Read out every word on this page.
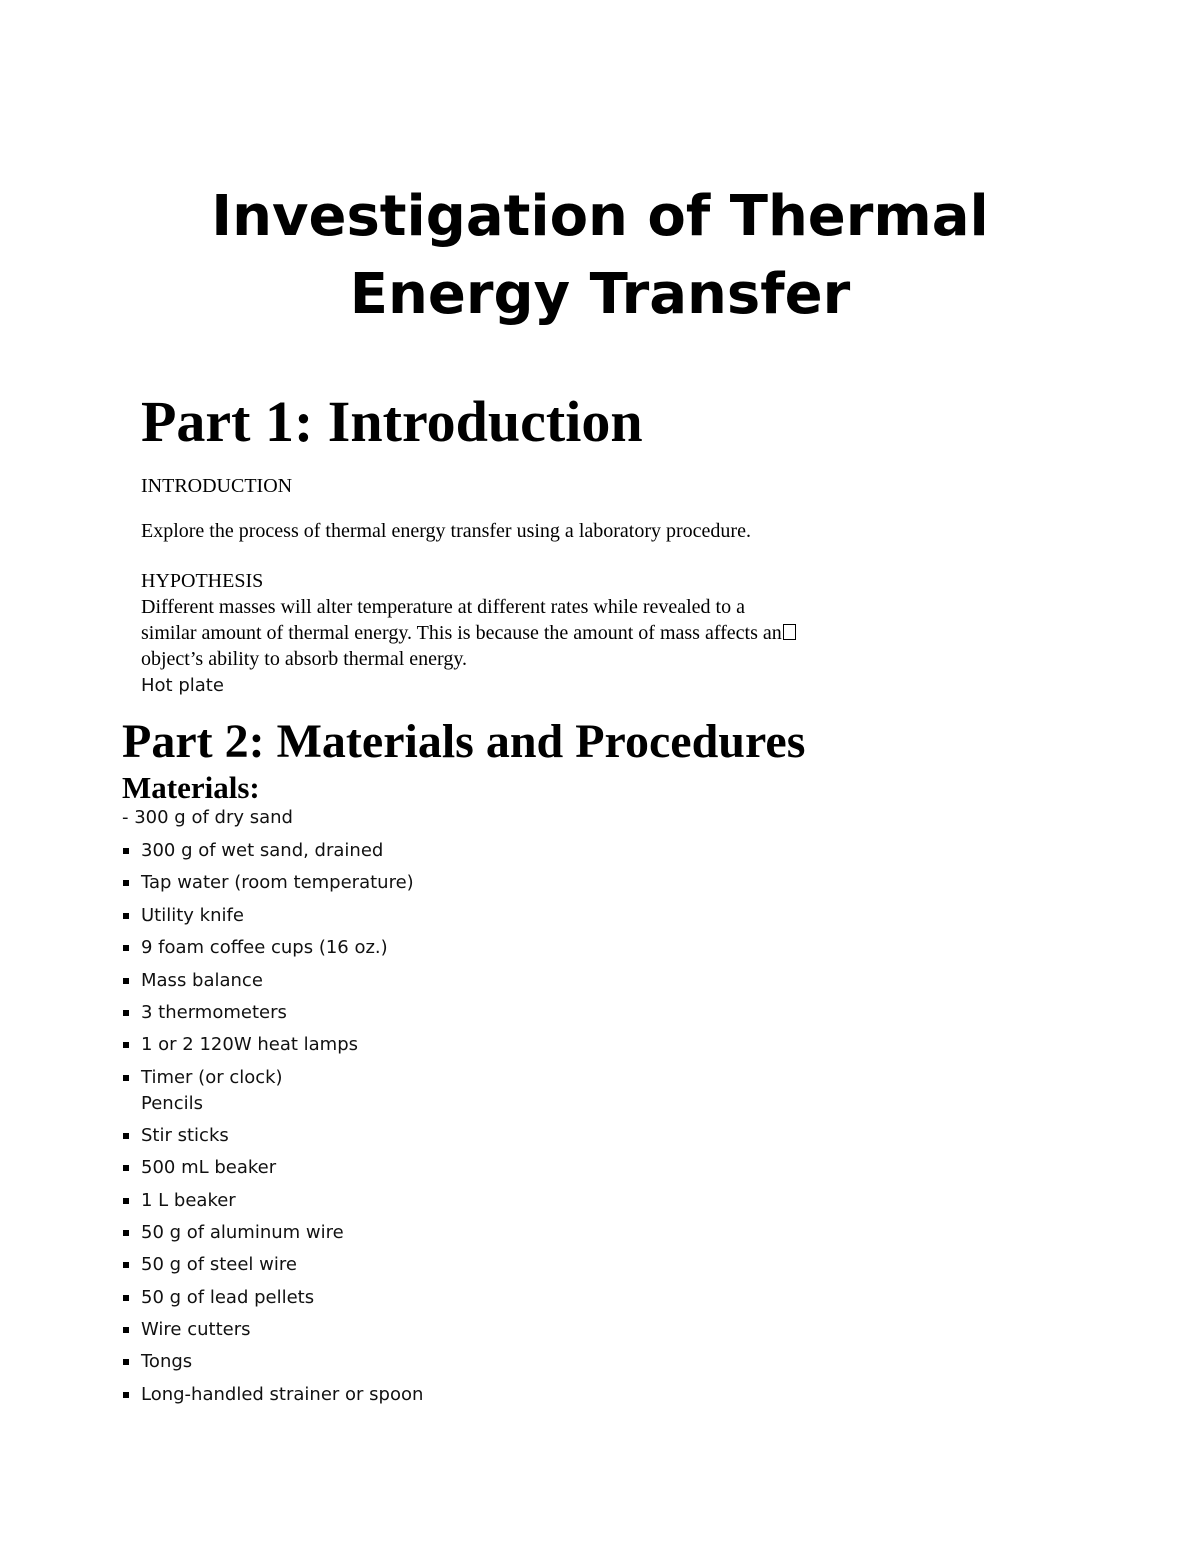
Investigation of Thermal
Energy Transfer
Part 1: Introduction
INTRODUCTION
Explore the process of thermal energy transfer using a laboratory procedure.
HYPOTHESIS
Different masses will alter temperature at different rates while revealed to a
similar amount of thermal energy. This is because the amount of mass affects an
object’s ability to absorb thermal energy.
Hot plate
Part 2: Materials and Procedures
Materials:
- 300 g of dry sand
300 g of wet sand, drained
Tap water (room temperature)
Utility knife
9 foam coffee cups (16 oz.)
Mass balance
3 thermometers
1 or 2 120W heat lamps
Timer (or clock)
Pencils
Stir sticks
500 mL beaker
1 L beaker
50 g of aluminum wire
50 g of steel wire
50 g of lead pellets
Wire cutters
Tongs
Long-handled strainer or spoon
